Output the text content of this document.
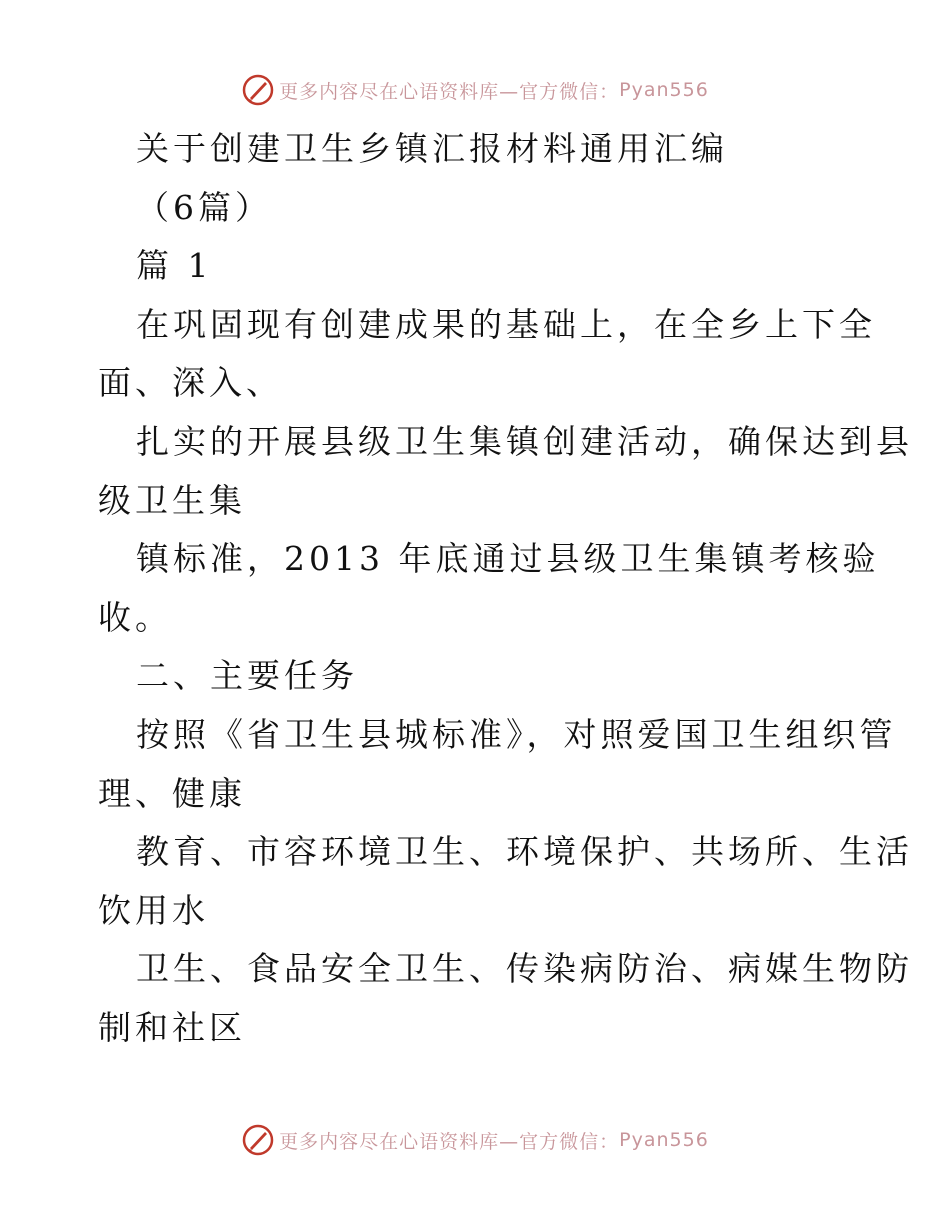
更多内容尽在心语资料库—官方微信： Pyan556
关于创建卫生乡镇汇报材料通用汇编
（6篇）
篇 1
在巩固现有创建成果的基础上，在全乡上下全
面、深入、
扎实的开展县级卫生集镇创建活动，确保达到县
级卫生集
镇标准，2013 年底通过县级卫生集镇考核验
收。
二、主要任务
按照《省卫生县城标准》，对照爱国卫生组织管
理、健康
教育、市容环境卫生、环境保护、共场所、生活
饮用水
卫生、食品安全卫生、传染病防治、病媒生物防
制和社区
更多内容尽在心语资料库—官方微信： Pyan556
